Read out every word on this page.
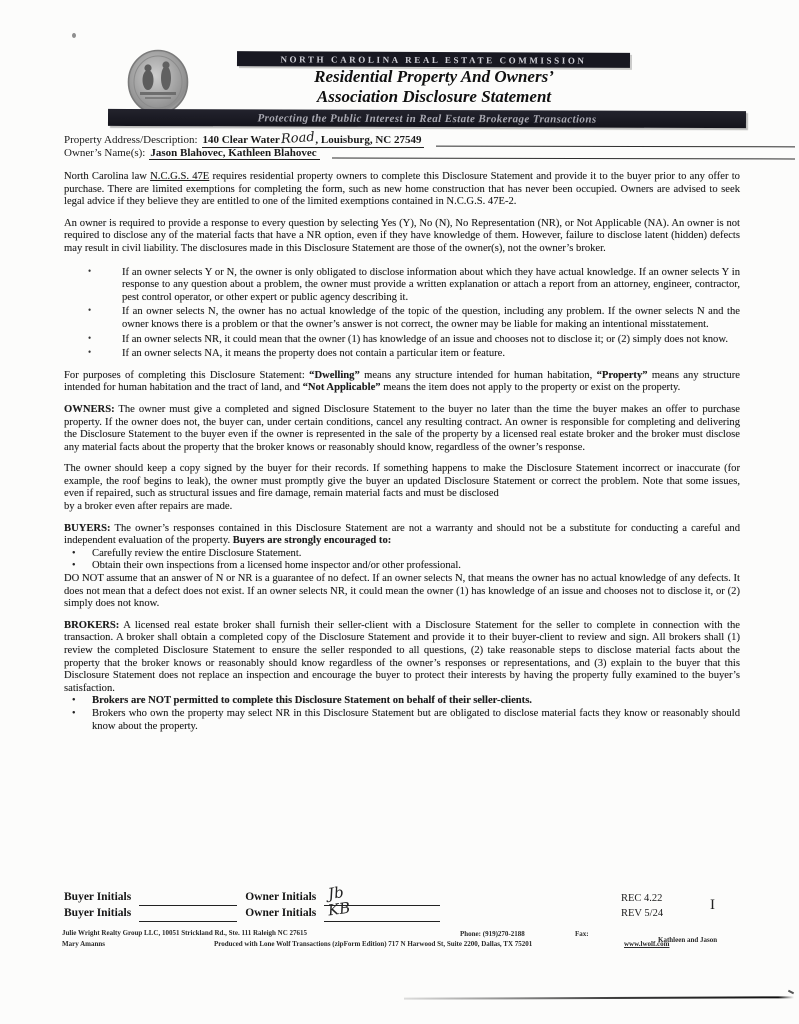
NORTH CAROLINA REAL ESTATE COMMISSION
Residential Property And Owners’
Association Disclosure Statement
Protecting the Public Interest in Real Estate Brokerage Transactions
Property Address/Description: 140 Clear WaterRoad, Louisburg, NC 27549
Owner’s Name(s): Jason Blahovec, Kathleen Blahovec

North Carolina law N.C.G.S. 47E requires residential property owners to complete this Disclosure Statement and provide it to the buyer prior to any offer to purchase. There are limited exemptions for completing the form, such as new home construction that has never been occupied. Owners are advised to seek legal advice if they believe they are entitled to one of the limited exemptions contained in N.C.G.S. 47E-2.

An owner is required to provide a response to every question by selecting Yes (Y), No (N), No Representation (NR), or Not Applicable (NA). An owner is not required to disclose any of the material facts that have a NR option, even if they have knowledge of them. However, failure to disclose latent (hidden) defects may result in civil liability. The disclosures made in this Disclosure Statement are those of the owner(s), not the owner’s broker.

•	If an owner selects Y or N, the owner is only obligated to disclose information about which they have actual knowledge. If an owner selects Y in response to any question about a problem, the owner must provide a written explanation or attach a report from an attorney, engineer, contractor, pest control operator, or other expert or public agency describing it.
•	If an owner selects N, the owner has no actual knowledge of the topic of the question, including any problem. If the owner selects N and the owner knows there is a problem or that the owner’s answer is not correct, the owner may be liable for making an intentional misstatement.
•	If an owner selects NR, it could mean that the owner (1) has knowledge of an issue and chooses not to disclose it; or (2) simply does not know.
•	If an owner selects NA, it means the property does not contain a particular item or feature.

For purposes of completing this Disclosure Statement: “Dwelling” means any structure intended for human habitation, “Property” means any structure intended for human habitation and the tract of land, and “Not Applicable” means the item does not apply to the property or exist on the property.

OWNERS: The owner must give a completed and signed Disclosure Statement to the buyer no later than the time the buyer makes an offer to purchase property. If the owner does not, the buyer can, under certain conditions, cancel any resulting contract. An owner is responsible for completing and delivering the Disclosure Statement to the buyer even if the owner is represented in the sale of the property by a licensed real estate broker and the broker must disclose any material facts about the property that the broker knows or reasonably should know, regardless of the owner’s response.

The owner should keep a copy signed by the buyer for their records. If something happens to make the Disclosure Statement incorrect or inaccurate (for example, the roof begins to leak), the owner must promptly give the buyer an updated Disclosure Statement or correct the problem. Note that some issues, even if repaired, such as structural issues and fire damage, remain material facts and must be disclosed
by a broker even after repairs are made.

BUYERS: The owner’s responses contained in this Disclosure Statement are not a warranty and should not be a substitute for conducting a careful and independent evaluation of the property. Buyers are strongly encouraged to:

• Carefully review the entire Disclosure Statement.
• Obtain their own inspections from a licensed home inspector and/or other professional.

DO NOT assume that an answer of N or NR is a guarantee of no defect. If an owner selects N, that means the owner has no actual knowledge of any defects. It does not mean that a defect does not exist. If an owner selects NR, it could mean the owner (1) has knowledge of an issue and chooses not to disclose it, or (2) simply does not know.

BROKERS: A licensed real estate broker shall furnish their seller-client with a Disclosure Statement for the seller to complete in connection with the transaction. A broker shall obtain a completed copy of the Disclosure Statement and provide it to their buyer-client to review and sign. All brokers shall (1) review the completed Disclosure Statement to ensure the seller responded to all questions, (2) take reasonable steps to disclose material facts about the property that the broker knows or reasonably should know regardless of the owner’s responses or representations, and (3) explain to the buyer that this Disclosure Statement does not replace an inspection and encourage the buyer to protect their interests by having the property fully examined to the buyer’s satisfaction.

• Brokers are NOT permitted to complete this Disclosure Statement on behalf of their seller-clients.
• Brokers who own the property may select NR in this Disclosure Statement but are obligated to disclose material facts they know or reasonably should know about the property.
Buyer Initials	Owner Initials Jb
Buyer Initials	Owner Initials KB
REC 4.22
REV 5/24
I
Julie Wright Realty Group LLC, 10051 Strickland Rd., Ste. 111 Raleigh NC 27615	Phone: (919)270-2188	Fax:
Kathleen and Jason
Mary Amanns	Produced with Lone Wolf Transactions (zipForm Edition) 717 N Harwood St, Suite 2200, Dallas, TX 75201	www.lwolf.com
